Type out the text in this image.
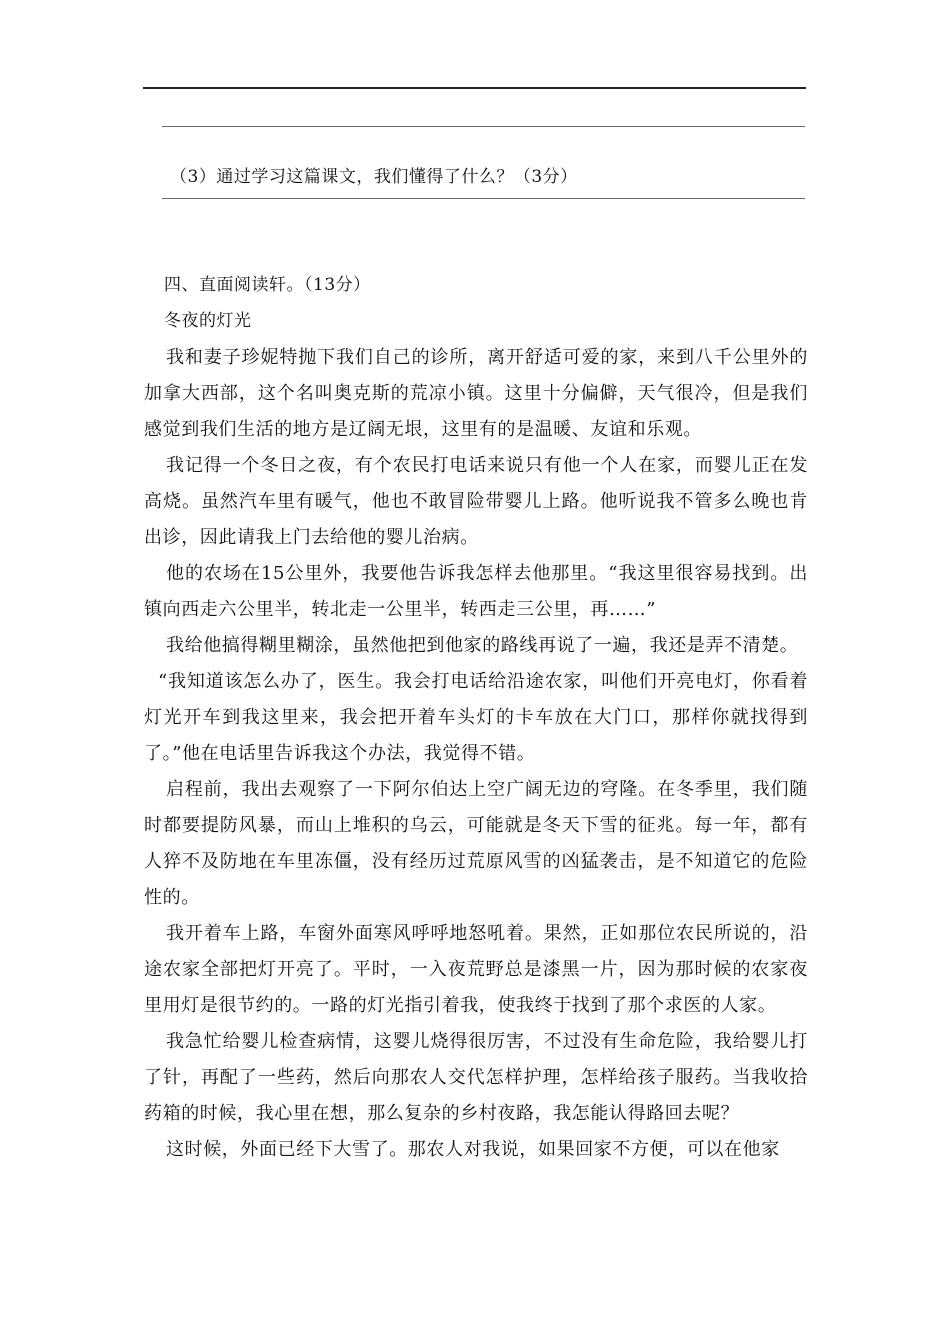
（3）通过学习这篇课文，我们懂得了什么？（3分）
四、直面阅读轩。（13分）
冬夜的灯光

我和妻子珍妮特抛下我们自己的诊所，离开舒适可爱的家，来到八千公里外的加拿大西部，这个名叫奥克斯的荒凉小镇。这里十分偏僻，天气很冷，但是我们感觉到我们生活的地方是辽阔无垠，这里有的是温暖、友谊和乐观。

我记得一个冬日之夜，有个农民打电话来说只有他一个人在家，而婴儿正在发高烧。虽然汽车里有暖气，他也不敢冒险带婴儿上路。他听说我不管多么晚也肯出诊，因此请我上门去给他的婴儿治病。

他的农场在15公里外，我要他告诉我怎样去他那里。“我这里很容易找到。出镇向西走六公里半，转北走一公里半，转西走三公里，再……”

我给他搞得糊里糊涂，虽然他把到他家的路线再说了一遍，我还是弄不清楚。

“我知道该怎么办了，医生。我会打电话给沿途农家，叫他们开亮电灯，你看着灯光开车到我这里来，我会把开着车头灯的卡车放在大门口，那样你就找得到了。”他在电话里告诉我这个办法，我觉得不错。

启程前，我出去观察了一下阿尔伯达上空广阔无边的穹隆。在冬季里，我们随时都要提防风暴，而山上堆积的乌云，可能就是冬天下雪的征兆。每一年，都有人猝不及防地在车里冻僵，没有经历过荒原风雪的凶猛袭击，是不知道它的危险性的。

我开着车上路，车窗外面寒风呼呼地怒吼着。果然，正如那位农民所说的，沿途农家全部把灯开亮了。平时，一入夜荒野总是漆黑一片，因为那时候的农家夜里用灯是很节约的。一路的灯光指引着我，使我终于找到了那个求医的人家。

我急忙给婴儿检查病情，这婴儿烧得很厉害，不过没有生命危险，我给婴儿打了针，再配了一些药，然后向那农人交代怎样护理，怎样给孩子服药。当我收拾药箱的时候，我心里在想，那么复杂的乡村夜路，我怎能认得路回去呢？

这时候，外面已经下大雪了。那农人对我说，如果回家不方便，可以在他家
